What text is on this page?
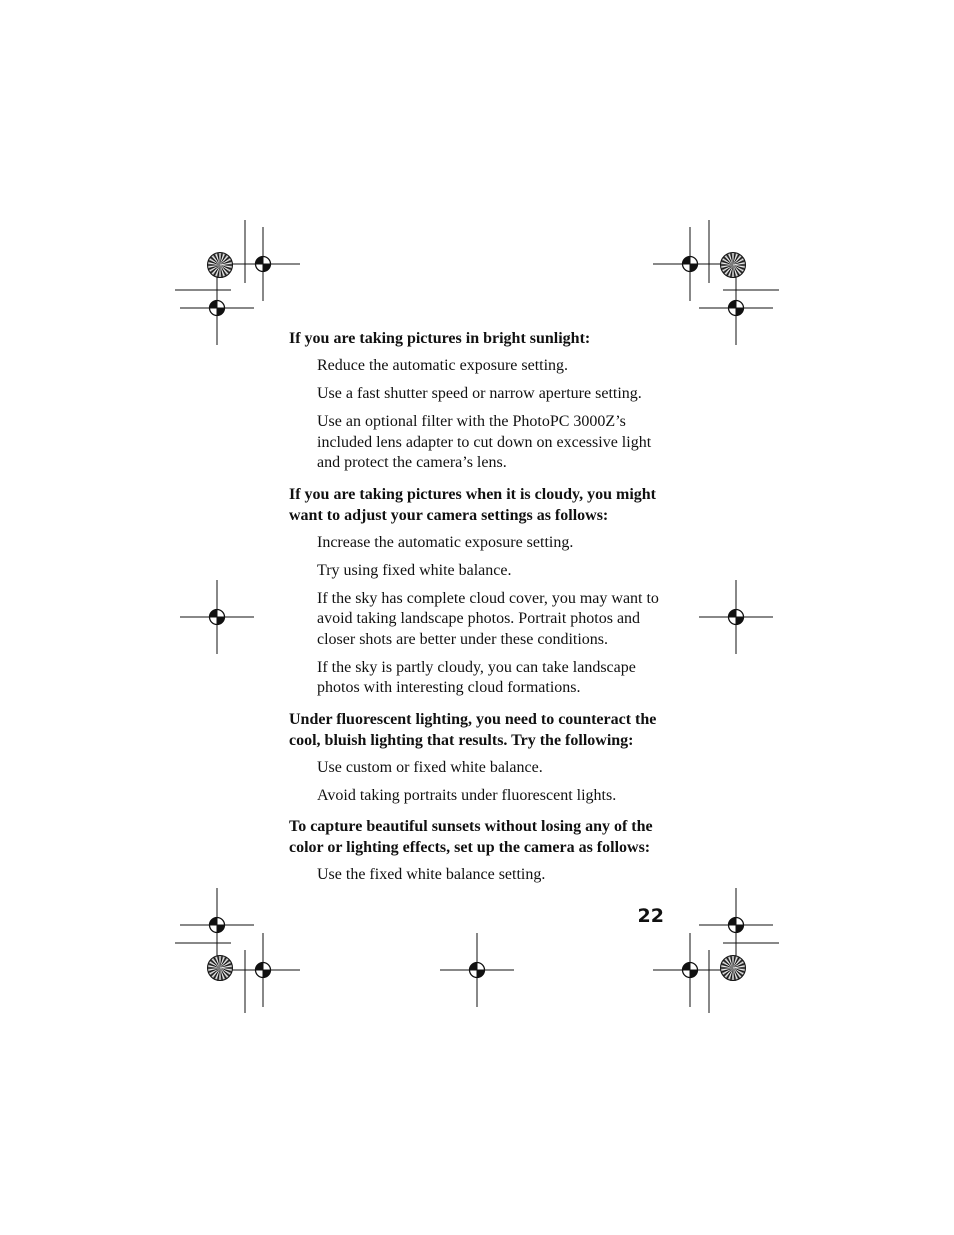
If you are taking pictures in bright sunlight:

Reduce the automatic exposure setting.

Use a fast shutter speed or narrow aperture setting.

Use an optional filter with the PhotoPC 3000Z’s included lens adapter to cut down on excessive light and protect the camera’s lens.

If you are taking pictures when it is cloudy, you might want to adjust your camera settings as follows:

Increase the automatic exposure setting.

Try using fixed white balance.

If the sky has complete cloud cover, you may want to avoid taking landscape photos. Portrait photos and closer shots are better under these conditions.

If the sky is partly cloudy, you can take landscape photos with interesting cloud formations.

Under fluorescent lighting, you need to counteract the cool, bluish lighting that results. Try the following:

Use custom or fixed white balance.

Avoid taking portraits under fluorescent lights.

To capture beautiful sunsets without losing any of the color or lighting effects, set up the camera as follows:

Use the fixed white balance setting.

22
